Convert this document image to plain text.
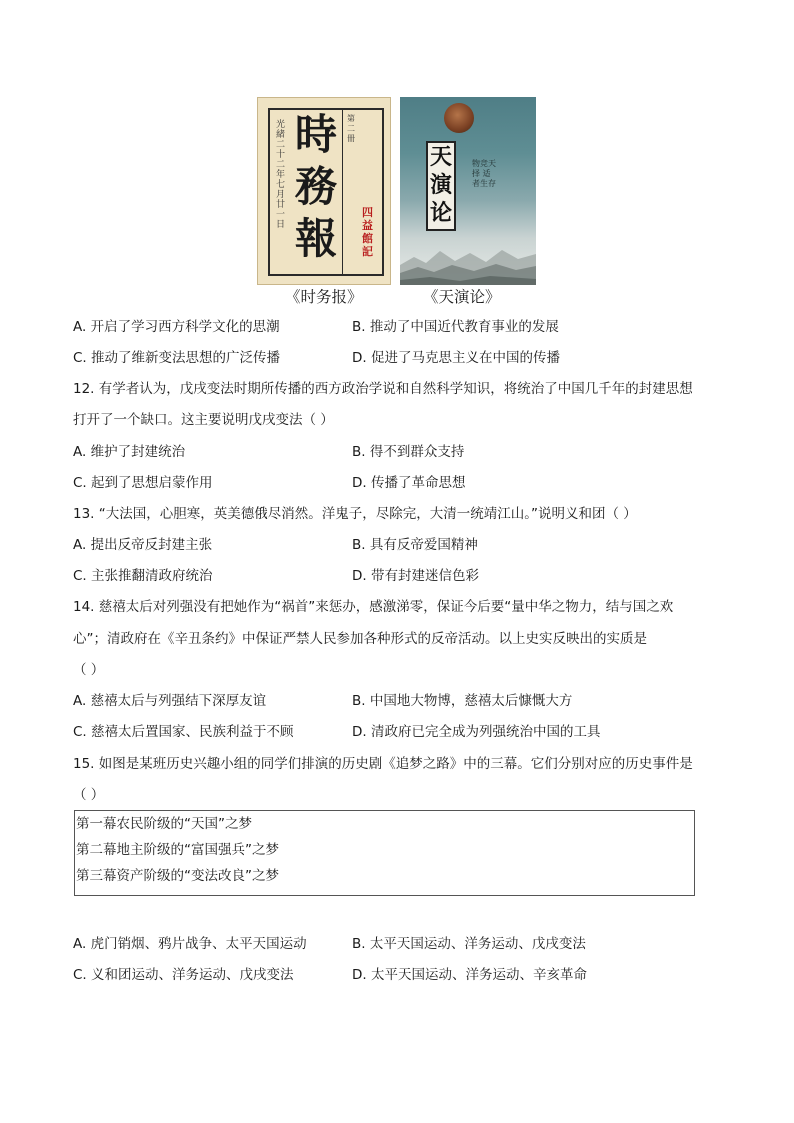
光緒二十二年七月廿一日
時
務
報
第二冊
四益館記
天
演
论
物竞天择 适者生存
《时务报》	《天演论》
A. 开启了学习西方科学文化的思潮	B. 推动了中国近代教育事业的发展
C. 推动了维新变法思想的广泛传播	D. 促进了马克思主义在中国的传播
12. 有学者认为，戊戌变法时期所传播的西方政治学说和自然科学知识，将统治了中国几千年的封建思想
打开了一个缺口。这主要说明戊戌变法（ ）
A. 维护了封建统治	B. 得不到群众支持
C. 起到了思想启蒙作用	D. 传播了革命思想
13. “大法国，心胆寒，英美德俄尽消然。洋鬼子，尽除完，大清一统靖江山。”说明义和团（ ）
A. 提出反帝反封建主张	B. 具有反帝爱国精神
C. 主张推翻清政府统治	D. 带有封建迷信色彩
14. 慈禧太后对列强没有把她作为“祸首”来惩办，感激涕零，保证今后要“量中华之物力，结与国之欢
心”；清政府在《辛丑条约》中保证严禁人民参加各种形式的反帝活动。以上史实反映出的实质是
（ ）
A. 慈禧太后与列强结下深厚友谊	B. 中国地大物博，慈禧太后慷慨大方
C. 慈禧太后置国家、民族利益于不顾	D. 清政府已完全成为列强统治中国的工具
15. 如图是某班历史兴趣小组的同学们排演的历史剧《追梦之路》中的三幕。它们分别对应的历史事件是
（ ）
第一幕农民阶级的“天国”之梦
第二幕地主阶级的“富国强兵”之梦
第三幕资产阶级的“变法改良”之梦
A. 虎门销烟、鸦片战争、太平天国运动	B. 太平天国运动、洋务运动、戊戌变法
C. 义和团运动、洋务运动、戊戌变法	D. 太平天国运动、洋务运动、辛亥革命
